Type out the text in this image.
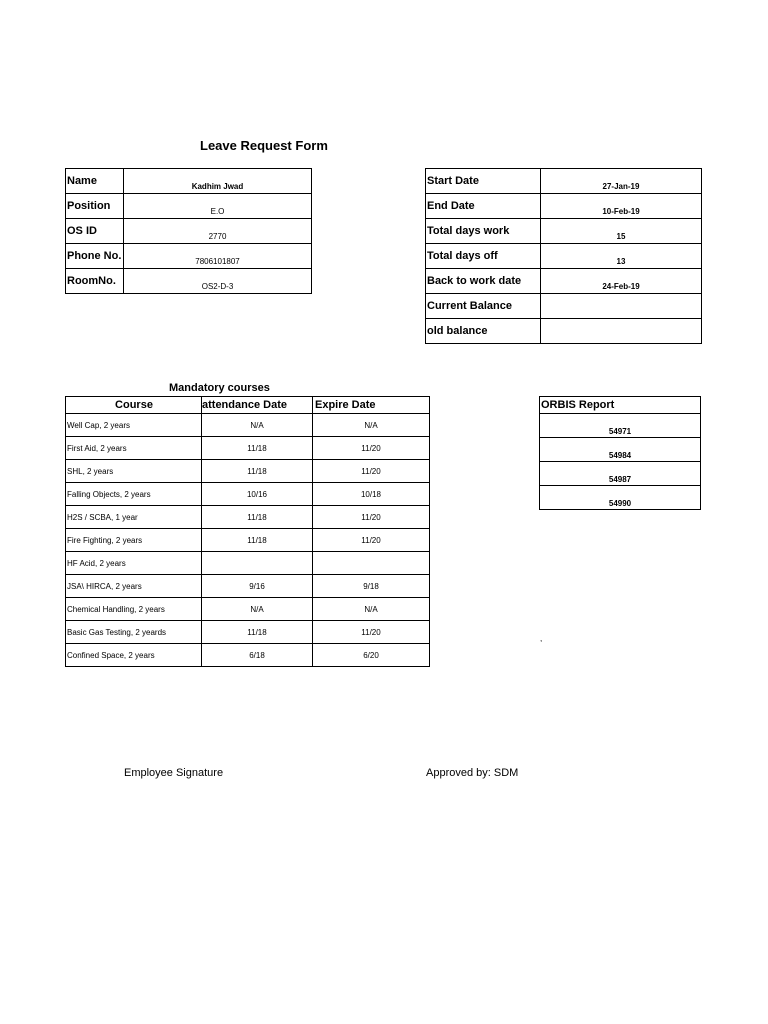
Leave Request Form
Name	Kadhim Jwad
Position	E.O
OS ID	2770
Phone No.	7806101807
RoomNo.	OS2-D-3
Start Date	27-Jan-19
End Date	10-Feb-19
Total days work	15
Total days off	13
Back to work date	24-Feb-19
Current Balance	
old balance	
Mandatory courses
Course	attendance Date	Expire Date
Well Cap, 2 years	N/A	N/A
First Aid, 2 years	11/18	11/20
SHL, 2 years	11/18	11/20
Falling Objects, 2 years	10/16	10/18
H2S / SCBA, 1 year	11/18	11/20
Fire Fighting, 2 years	11/18	11/20
HF Acid, 2 years		
JSA\ HIRCA, 2 years	9/16	9/18
Chemical Handling, 2 years	N/A	N/A
Basic Gas Testing, 2 yeards	11/18	11/20
Confined Space, 2 years	6/18	6/20
ORBIS Report
54971
54984
54987
54990
,
Employee Signature	Approved by: SDM
